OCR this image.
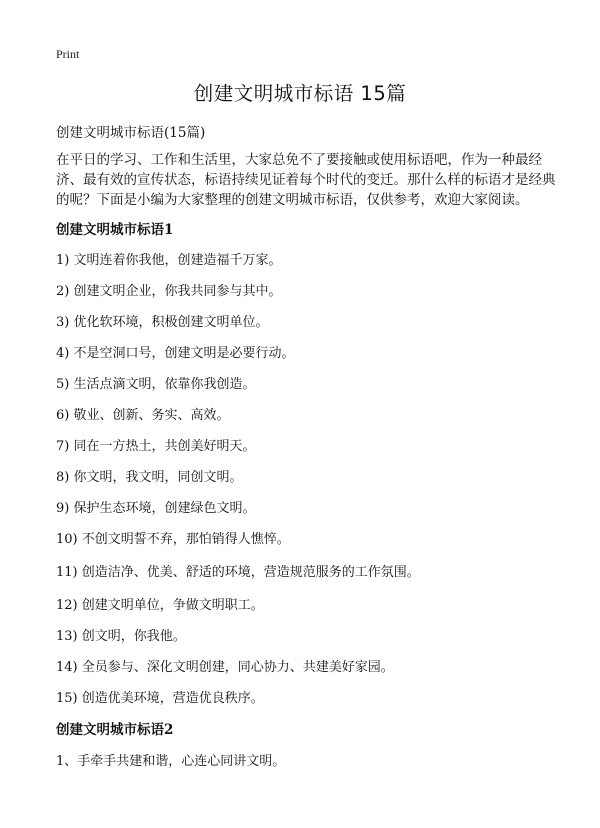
Print
创建文明城市标语 15篇

创建文明城市标语(15篇)

在平日的学习、工作和生活里，大家总免不了要接触或使用标语吧，作为一种最经济、最有效的宣传状态，标语持续见证着每个时代的变迁。那什么样的标语才是经典的呢？下面是小编为大家整理的创建文明城市标语，仅供参考，欢迎大家阅读。

创建文明城市标语1
1) 文明连着你我他，创建造福千万家。
2) 创建文明企业，你我共同参与其中。
3) 优化软环境，积极创建文明单位。
4) 不是空洞口号，创建文明是必要行动。
5) 生活点滴文明，依靠你我创造。
6) 敬业、创新、务实、高效。
7) 同在一方热土，共创美好明天。
8) 你文明，我文明，同创文明。
9) 保护生态环境，创建绿色文明。
10) 不创文明誓不弃，那怕销得人憔悴。
11) 创造洁净、优美、舒适的环境，营造规范服务的工作氛围。
12) 创建文明单位，争做文明职工。
13) 创文明，你我他。
14) 全员参与、深化文明创建，同心协力、共建美好家园。
15) 创造优美环境，营造优良秩序。
创建文明城市标语2
1、手牵手共建和谐，心连心同讲文明。
